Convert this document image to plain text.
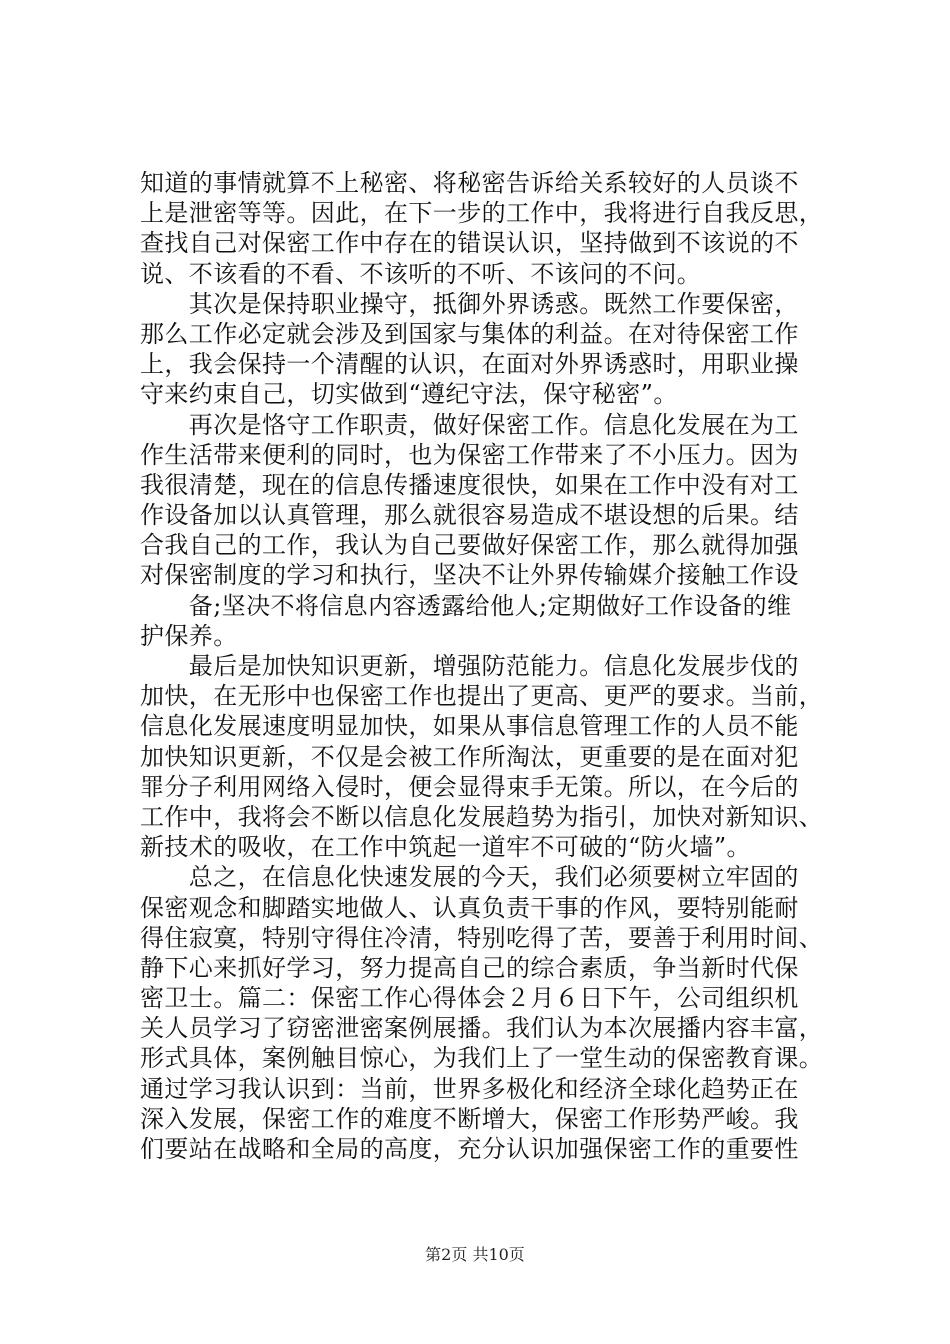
知道的事情就算不上秘密、将秘密告诉给关系较好的人员谈不
上是泄密等等。因此，在下一步的工作中，我将进行自我反思，
查找自己对保密工作中存在的错误认识，坚持做到不该说的不
说、不该看的不看、不该听的不听、不该问的不问。
　　其次是保持职业操守，抵御外界诱惑。既然工作要保密，
那么工作必定就会涉及到国家与集体的利益。在对待保密工作
上，我会保持一个清醒的认识，在面对外界诱惑时，用职业操
守来约束自己，切实做到“遵纪守法，保守秘密”。
　　再次是恪守工作职责，做好保密工作。信息化发展在为工
作生活带来便利的同时，也为保密工作带来了不小压力。因为
我很清楚，现在的信息传播速度很快，如果在工作中没有对工
作设备加以认真管理，那么就很容易造成不堪设想的后果。结
合我自己的工作，我认为自己要做好保密工作，那么就得加强
对保密制度的学习和执行，坚决不让外界传输媒介接触工作设
　　备;坚决不将信息内容透露给他人;定期做好工作设备的维
护保养。
　　最后是加快知识更新，增强防范能力。信息化发展步伐的
加快，在无形中也保密工作也提出了更高、更严的要求。当前，
信息化发展速度明显加快，如果从事信息管理工作的人员不能
加快知识更新，不仅是会被工作所淘汰，更重要的是在面对犯
罪分子利用网络入侵时，便会显得束手无策。所以，在今后的
工作中，我将会不断以信息化发展趋势为指引，加快对新知识、
新技术的吸收，在工作中筑起一道牢不可破的“防火墙”。
　　总之，在信息化快速发展的今天，我们必须要树立牢固的
保密观念和脚踏实地做人、认真负责干事的作风，要特别能耐
得住寂寞，特别守得住冷清，特别吃得了苦，要善于利用时间、
静下心来抓好学习，努力提高自己的综合素质，争当新时代保
密卫士。篇二：保密工作心得体会２月６日下午，公司组织机
关人员学习了窃密泄密案例展播。我们认为本次展播内容丰富，
形式具体，案例触目惊心，为我们上了一堂生动的保密教育课。
通过学习我认识到：当前，世界多极化和经济全球化趋势正在
深入发展，保密工作的难度不断增大，保密工作形势严峻。我
们要站在战略和全局的高度，充分认识加强保密工作的重要性
第2页 共10页
